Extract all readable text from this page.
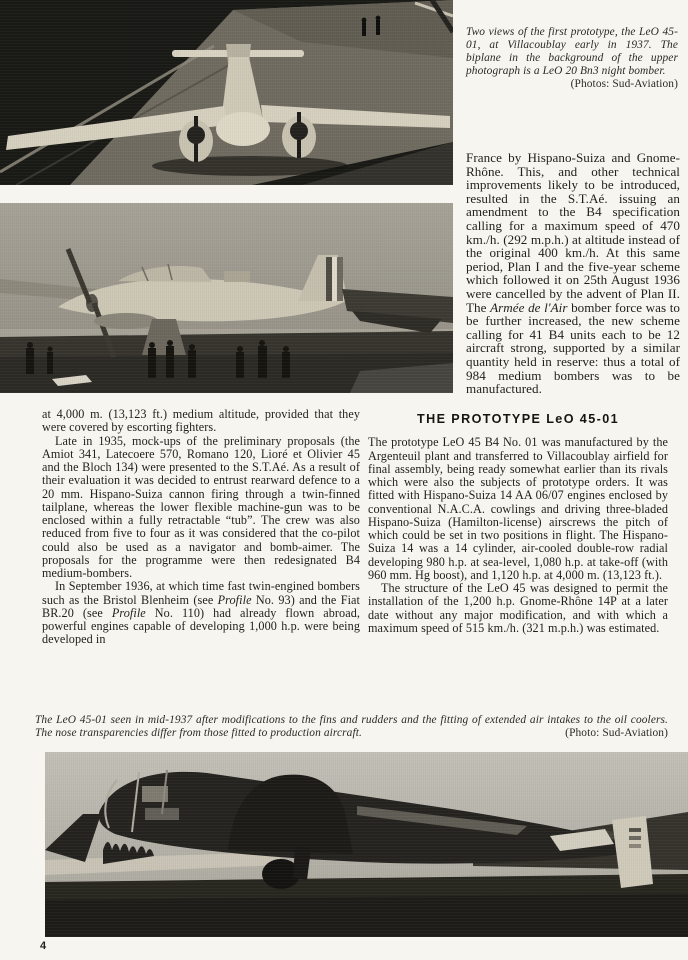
Two views of the first prototype, the LeO 45-01, at Villacoublay early in 1937. The biplane in the background of the upper photograph is a LeO 20 Bn3 night bomber.
(Photos: Sud-Aviation)
France by Hispano-Suiza and Gnome-Rhône. This, and other technical improvements likely to be introduced, resulted in the S.T.Aé. issuing an amendment to the B4 specification calling for a maximum speed of 470 km./h. (292 m.p.h.) at altitude instead of the original 400 km./h. At this same period, Plan I and the five-year scheme which followed it on 25th August 1936 were cancelled by the advent of Plan II. The Armée de l'Air bomber force was to be further increased, the new scheme calling for 41 B4 units each to be 12 aircraft strong, supported by a similar quantity held in reserve: thus a total of 984 medium bombers was to be manufactured.

at 4,000 m. (13,123 ft.) medium altitude, provided that they were covered by escorting fighters.

Late in 1935, mock-ups of the preliminary proposals (the Amiot 341, Latecoere 570, Romano 120, Lioré et Olivier 45 and the Bloch 134) were presented to the S.T.Aé. As a result of their evaluation it was decided to entrust rearward defence to a 20 mm. Hispano-Suiza cannon firing through a twin-finned tailplane, whereas the lower flexible machine-gun was to be enclosed within a fully retractable “tub”. The crew was also reduced from five to four as it was considered that the co-pilot could also be used as a navigator and bomb-aimer. The proposals for the programme were then redesignated B4 medium-bombers.

In September 1936, at which time fast twin-engined bombers such as the Bristol Blenheim (see Profile No. 93) and the Fiat BR.20 (see Profile No. 110) had already flown abroad, powerful engines capable of developing 1,000 h.p. were being developed in

THE PROTOTYPE LeO 45-01

The prototype LeO 45 B4 No. 01 was manufactured by the Argenteuil plant and transferred to Villacoublay airfield for final assembly, being ready somewhat earlier than its rivals which were also the subjects of prototype orders. It was fitted with Hispano-Suiza 14 AA 06/07 engines enclosed by conventional N.A.C.A. cowlings and driving three-bladed Hispano-Suiza (Hamilton-license) airscrews the pitch of which could be set in two positions in flight. The Hispano-Suiza 14 was a 14 cylinder, air-cooled double-row radial developing 980 h.p. at sea-level, 1,080 h.p. at take-off (with 960 mm. Hg boost), and 1,120 h.p. at 4,000 m. (13,123 ft.).

The structure of the LeO 45 was designed to permit the installation of the 1,200 h.p. Gnome-Rhône 14P at a later date without any major modification, and with which a maximum speed of 515 km./h. (321 m.p.h.) was estimated.

The LeO 45-01 seen in mid-1937 after modifications to the fins and rudders and the fitting of extended air intakes to the oil coolers. The nose transparencies differ from those fitted to production aircraft.	(Photo: Sud-Aviation)
4
